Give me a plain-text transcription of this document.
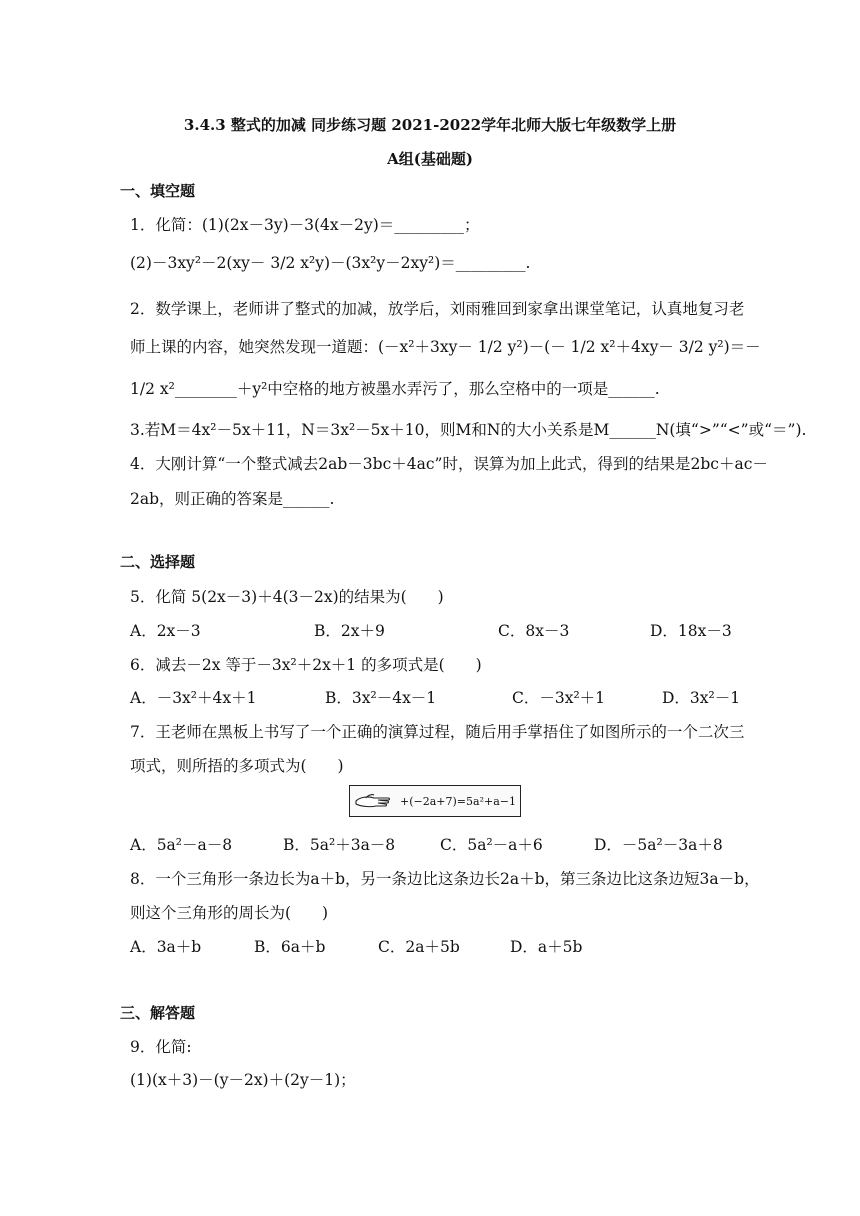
3.4.3 整式的加减 同步练习题 2021-2022学年北师大版七年级数学上册
A组(基础题)
一、填空题
1．化简：(1)(2x－3y)－3(4x－2y)＝_________；
(2)－3xy²－2(xy－ 3/2 x²y)－(3x²y－2xy²)＝_________.
2．数学课上，老师讲了整式的加减，放学后，刘雨雅回到家拿出课堂笔记，认真地复习老
师上课的内容，她突然发现一道题：(－x²＋3xy－ 1/2 y²)－(－ 1/2 x²＋4xy－ 3/2 y²)＝－
1/2 x²________＋y²中空格的地方被墨水弄污了，那么空格中的一项是______.
3.若M＝4x²－5x＋11，N＝3x²－5x＋10，则M和N的大小关系是M______N(填“>”“<”或“＝”).
4．大刚计算“一个整式减去2ab－3bc＋4ac”时，误算为加上此式，得到的结果是2bc＋ac－
2ab，则正确的答案是______.
二、选择题
5．化简 5(2x－3)＋4(3－2x)的结果为(　　)
A．2x－3	B．2x＋9	C．8x－3	D．18x－3
6．减去－2x 等于－3x²＋2x＋1 的多项式是(　　)
A．－3x²＋4x＋1	B．3x²－4x－1	C．－3x²＋1	D．3x²－1
7．王老师在黑板上书写了一个正确的演算过程，随后用手掌捂住了如图所示的一个二次三
项式，则所捂的多项式为(　　)
+(−2a+7)=5a²+a−1
A．5a²－a－8	B．5a²＋3a－8	C．5a²－a＋6	D．－5a²－3a＋8
8．一个三角形一条边长为a＋b，另一条边比这条边长2a＋b，第三条边比这条边短3a－b，
则这个三角形的周长为(　　)
A．3a＋b	B．6a＋b	C．2a＋5b	D．a＋5b
三、解答题
9．化简:
(1)(x＋3)－(y－2x)＋(2y－1)；
